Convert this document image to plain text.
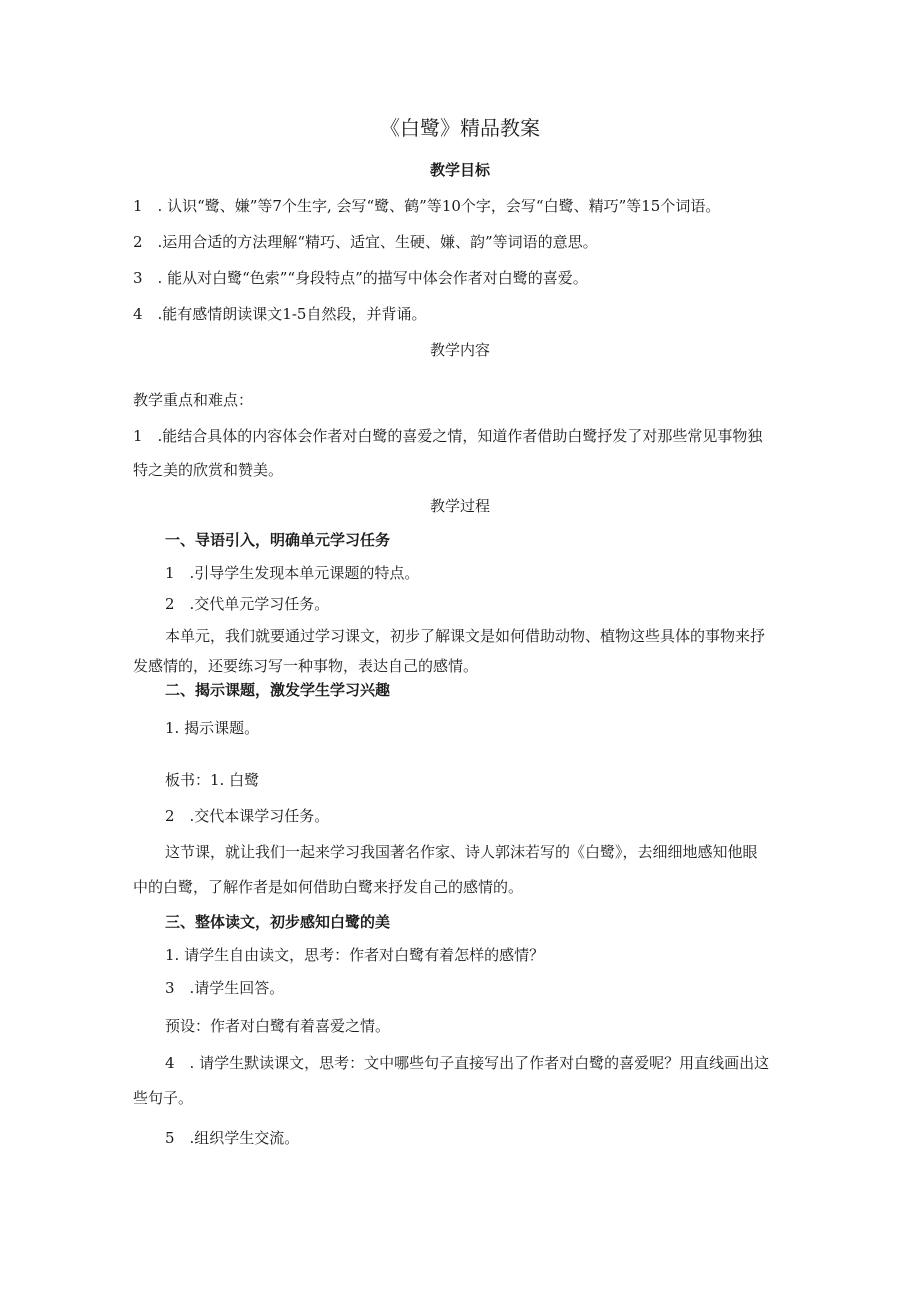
《白鹭》精品教案
教学目标
1　. 认识“鹭、嫌”等7个生字, 会写“鹭、鹤”等10个字，会写“白鹭、精巧”等15个词语。
2　.运用合适的方法理解“精巧、适宜、生硬、嫌、韵”等词语的意思。
3　. 能从对白鹭“色索”“身段特点”的描写中体会作者对白鹭的喜爱。
4　.能有感情朗读课文1-5自然段，并背诵。
教学内容
教学重点和难点：
1　.能结合具体的内容体会作者对白鹭的喜爱之情，知道作者借助白鹭抒发了对那些常见事物独
特之美的欣赏和赞美。
教学过程
一、导语引入，明确单元学习任务
1　.引导学生发现本单元课题的特点。
2　.交代单元学习任务。
本单元，我们就要通过学习课文，初步了解课文是如何借助动物、植物这些具体的事物来抒
发感情的，还要练习写一种事物，表达自己的感情。
二、揭示课题，激发学生学习兴趣
1. 揭示课题。
板书：1. 白鹭
2　.交代本课学习任务。
这节课，就让我们一起来学习我国著名作家、诗人郭沫若写的《白鹭》，去细细地感知他眼
中的白鹭，了解作者是如何借助白鹭来抒发自己的感情的。
三、整体读文，初步感知白鹭的美
1. 请学生自由读文，思考：作者对白鹭有着怎样的感情？
3　.请学生回答。
预设：作者对白鹭有着喜爱之情。
4　. 请学生默读课文，思考：文中哪些句子直接写出了作者对白鹭的喜爱呢？用直线画出这
些句子。
5　.组织学生交流。
